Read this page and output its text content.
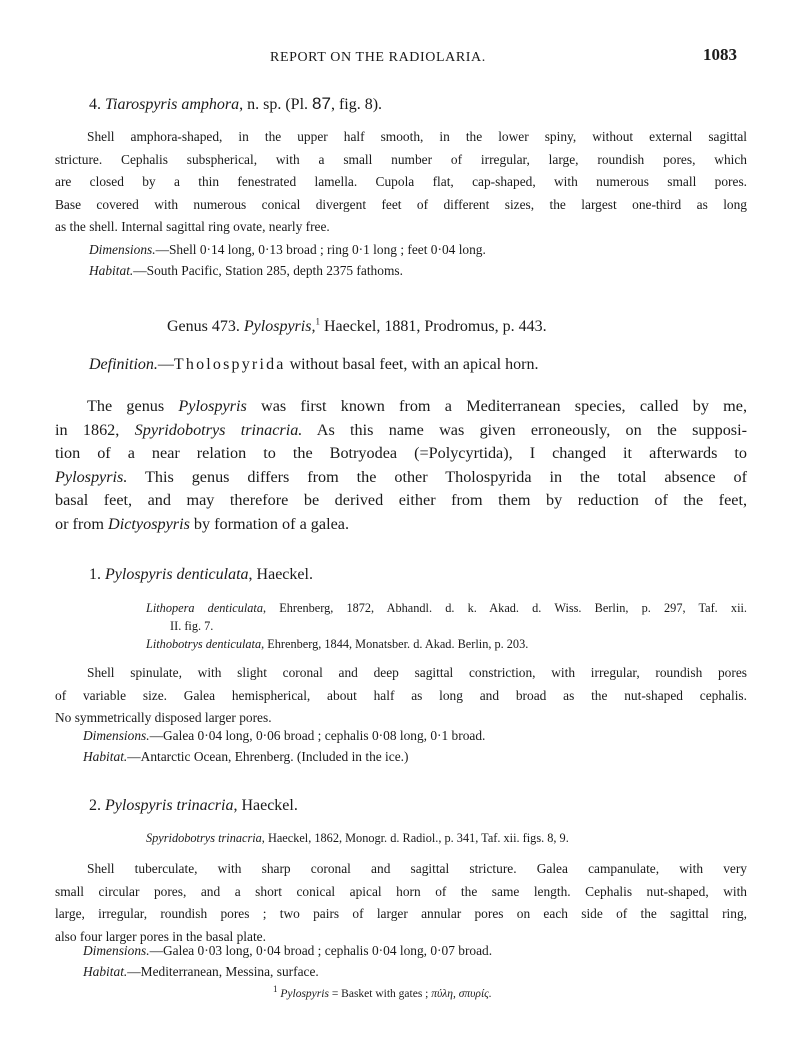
REPORT ON THE RADIOLARIA.	1083
4. Tiarospyris amphora, n. sp. (Pl. 87, fig. 8).
Shell amphora-shaped, in the upper half smooth, in the lower spiny, without external sagittal
stricture. Cephalis subspherical, with a small number of irregular, large, roundish pores, which
are closed by a thin fenestrated lamella. Cupola flat, cap-shaped, with numerous small pores.
Base covered with numerous conical divergent feet of different sizes, the largest one-third as long
as the shell. Internal sagittal ring ovate, nearly free.
Dimensions.—Shell 0·14 long, 0·13 broad ; ring 0·1 long ; feet 0·04 long.
Habitat.—South Pacific, Station 285, depth 2375 fathoms.
Genus 473. Pylospyris,$^1$ Haeckel, 1881, Prodromus, p. 443.
Definition.—Tholospyrida without basal feet, with an apical horn.
The genus Pylospyris was first known from a Mediterranean species, called by me,
in 1862, Spyridobotrys trinacria. As this name was given erroneously, on the supposi-
tion of a near relation to the Botryodea (=Polycyrtida), I changed it afterwards to
Pylospyris. This genus differs from the other Tholospyrida in the total absence of
basal feet, and may therefore be derived either from them by reduction of the feet,
or from Dictyospyris by formation of a galea.
1. Pylospyris denticulata, Haeckel.
Lithopera denticulata, Ehrenberg, 1872, Abhandl. d. k. Akad. d. Wiss. Berlin, p. 297, Taf. xii.
II. fig. 7.
Lithobotrys denticulata, Ehrenberg, 1844, Monatsber. d. Akad. Berlin, p. 203.
Shell spinulate, with slight coronal and deep sagittal constriction, with irregular, roundish pores
of variable size. Galea hemispherical, about half as long and broad as the nut-shaped cephalis.
No symmetrically disposed larger pores.
Dimensions.—Galea 0·04 long, 0·06 broad ; cephalis 0·08 long, 0·1 broad.
Habitat.—Antarctic Ocean, Ehrenberg. (Included in the ice.)
2. Pylospyris trinacria, Haeckel.
Spyridobotrys trinacria, Haeckel, 1862, Monogr. d. Radiol., p. 341, Taf. xii. figs. 8, 9.
Shell tuberculate, with sharp coronal and sagittal stricture. Galea campanulate, with very
small circular pores, and a short conical apical horn of the same length. Cephalis nut-shaped, with
large, irregular, roundish pores ; two pairs of larger annular pores on each side of the sagittal ring,
also four larger pores in the basal plate.
Dimensions.—Galea 0·03 long, 0·04 broad ; cephalis 0·04 long, 0·07 broad.
Habitat.—Mediterranean, Messina, surface.
$^1$ Pylospyris = Basket with gates ; πύλη, σπυρίς.
